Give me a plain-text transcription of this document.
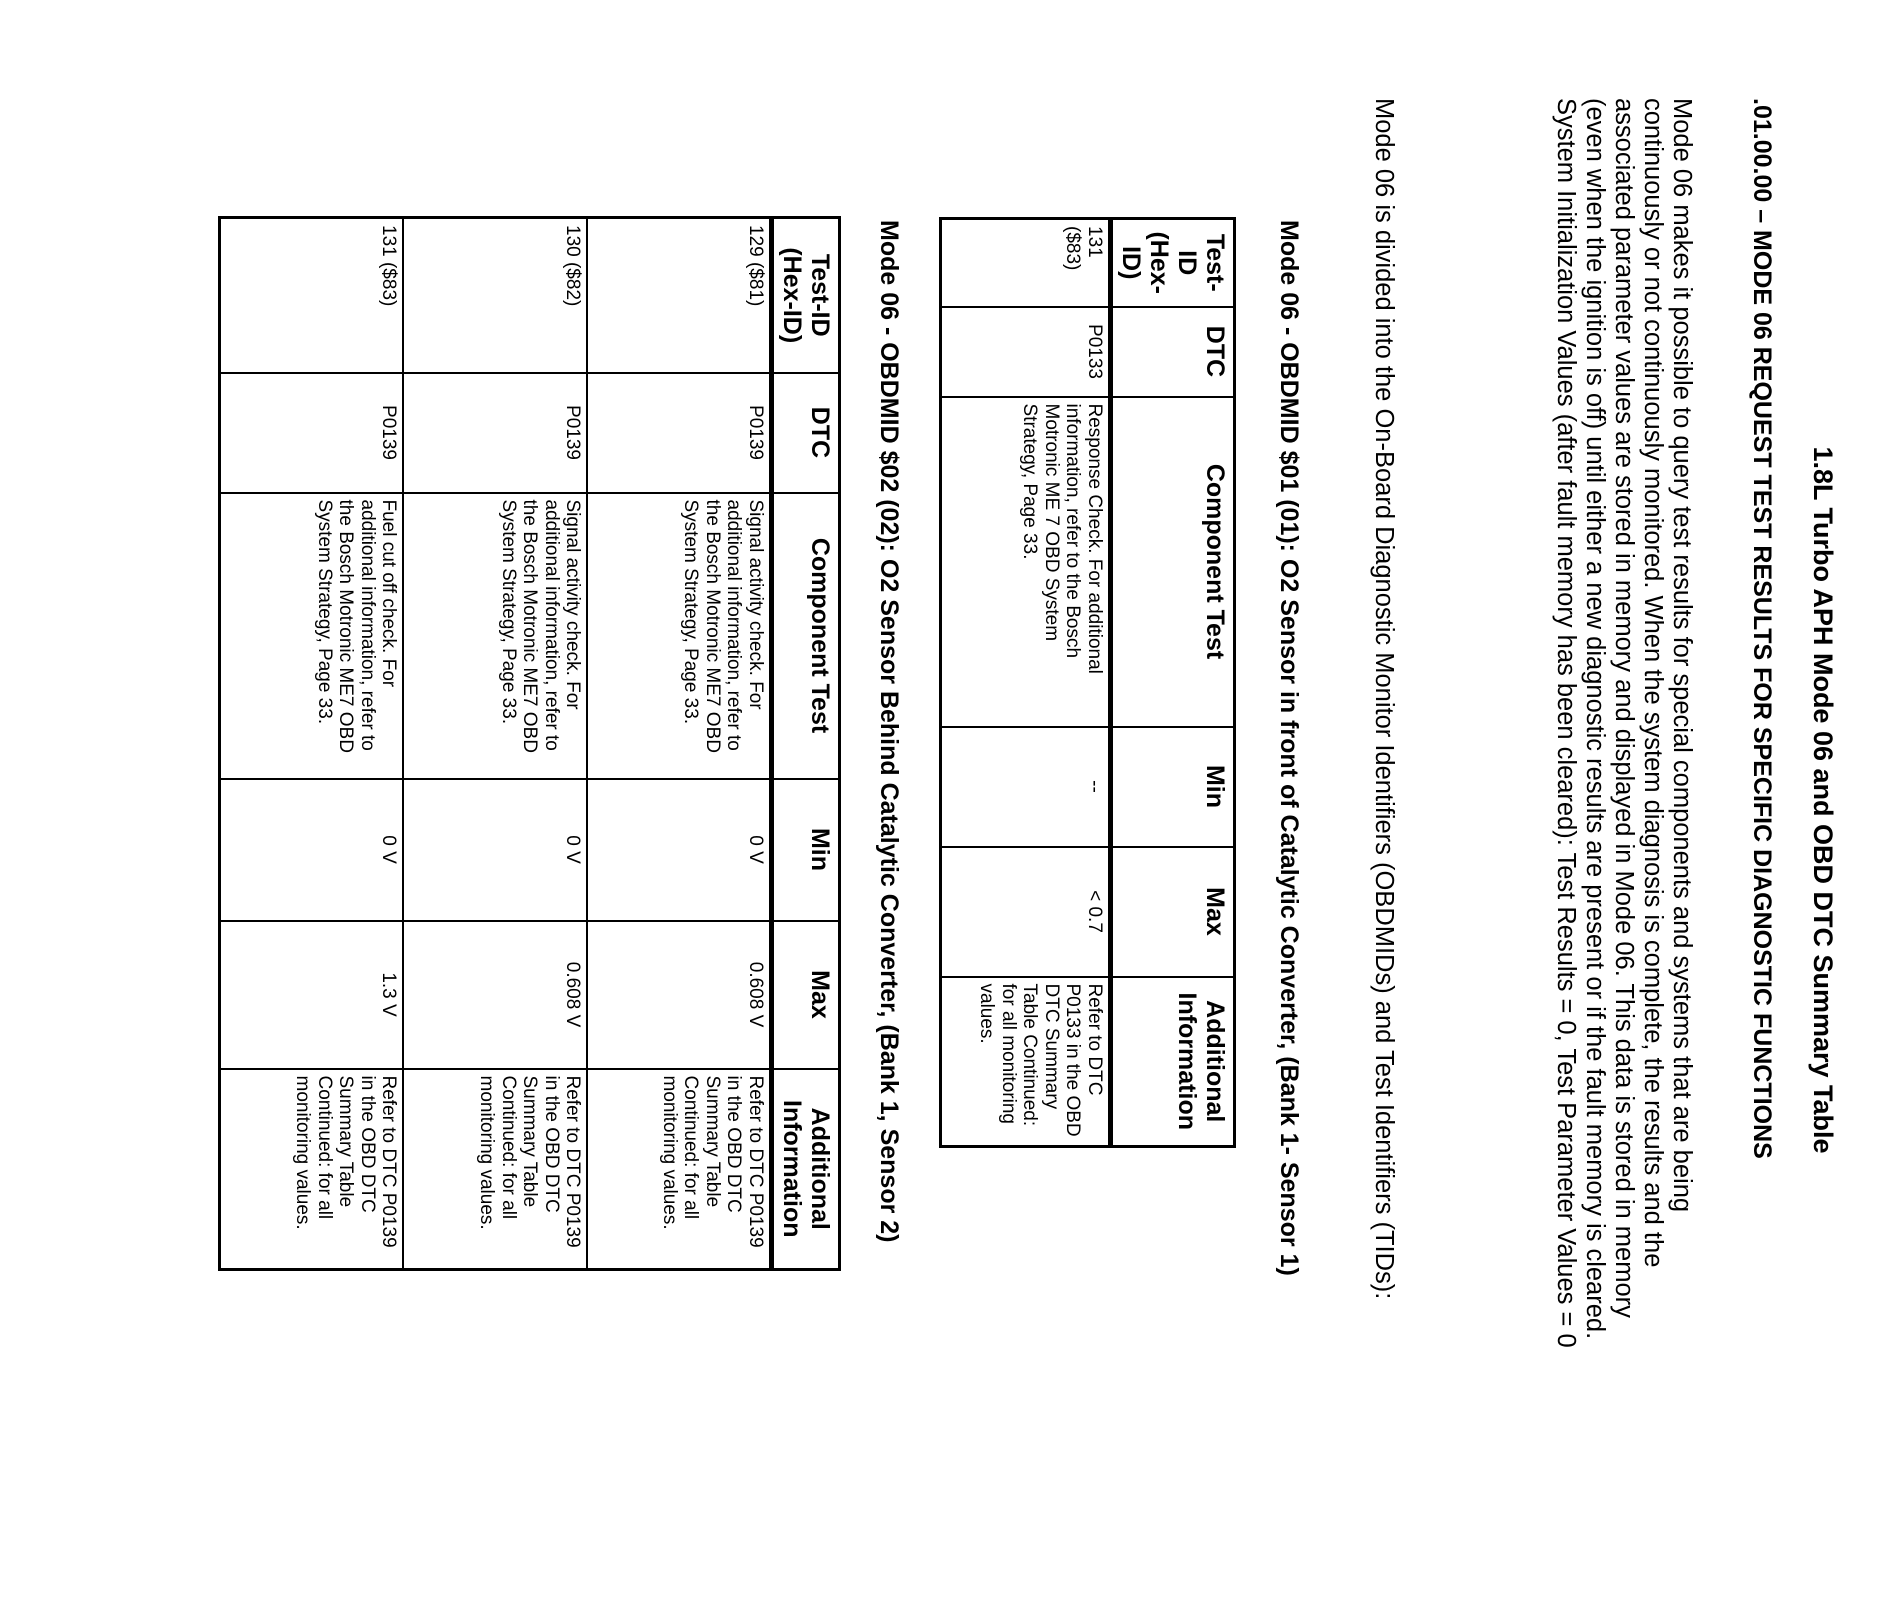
1.8L Turbo APH Mode 06 and OBD DTC Summary Table
.01.00.00 – MODE 06 REQUEST TEST RESULTS FOR SPECIFIC DIAGNOSTIC FUNCTIONS

Mode 06 makes it possible to query test results for special components and systems that are being continuously or not continuously monitored. When the system diagnosis is complete, the results and the associated parameter values are stored in memory and displayed in Mode 06. This data is stored in memory (even when the ignition is off) until either a new diagnostic results are present or if the fault memory is cleared. System Initialization Values (after fault memory has been cleared): Test Results = 0, Test Parameter Values = 0

Mode 06 is divided into the On-Board Diagnostic Monitor Identifiers (OBDMIDs) and Test Identifiers (TIDs):

Mode 06 - OBDMID $01 (01): O2 Sensor in front of Catalytic Converter, (Bank 1- Sensor 1)
Test-ID (Hex-ID)	DTC	Component Test	Min	Max	Additional Information
131 ($83)	P0133	Response Check. For additional information, refer to the Bosch Motronic ME 7 OBD System Strategy, Page 33.	--	< 0.7	Refer to DTC P0133 in the OBD DTC Summary Table Continued: for all monitoring values.
Mode 06 - OBDMID $02 (02): O2 Sensor Behind Catalytic Converter, (Bank 1, Sensor 2)
Test-ID (Hex-ID)	DTC	Component Test	Min	Max	Additional Information
129 ($81)	P0139	Signal activity check. For additional information, refer to the Bosch Motronic ME7 OBD System Strategy, Page 33.	0 V	0.608 V	Refer to DTC P0139 in the OBD DTC Summary Table Continued: for all monitoring values.
130 ($82)	P0139	Signal activity check. For additional information, refer to the Bosch Motronic ME7 OBD System Strategy, Page 33.	0 V	0.608 V	Refer to DTC P0139 in the OBD DTC Summary Table Continued: for all monitoring values.
131 ($83)	P0139	Fuel cut off check. For additional information, refer to the Bosch Motronic ME7 OBD System Strategy, Page 33.	0 V	1.3 V	Refer to DTC P0139 in the OBD DTC Summary Table Continued: for all monitoring values.
